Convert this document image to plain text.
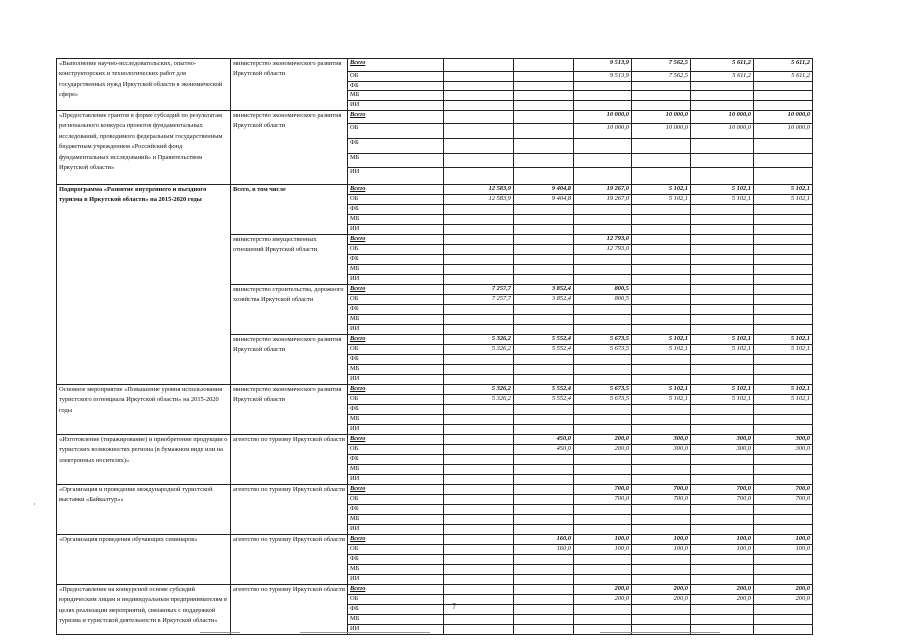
«Выполнение научно-исследовательских, опытно-конструкторских и технологических работ для государственных нужд Иркутской области в экономической сфере»	министерство экономического развития Иркутской области	Всего			9 513,9	7 562,5	5 611,2	5 611,2
		ОБ			9 513,9	7 562,5	5 611,2	5 611,2
		ФБ						
		МБ						
		ИИ						
«Предоставление грантов в форме субсидий по результатам регионального конкурса проектов фундаментальных исследований, проводимого федеральным государственным бюджетным учреждением «Российский фонд фундаментальных исследований» и Правительством Иркутской области»	министерство экономического развития Иркутской области	Всего			10 000,0	10 000,0	10 000,0	10 000,0
		ОБ			10 000,0	10 000,0	10 000,0	10 000,0
		ФБ						
		МБ						
		ИИ						
Подпрограмма «Развитие внутреннего и въездного туризма в Иркутской области» на 2015-2020 годы	Всего, в том числе	Всего	12 583,9	9 404,8	19 267,0	5 102,1	5 102,1	5 102,1
		ОБ	12 583,9	9 404,8	19 267,0	5 102,1	5 102,1	5 102,1
		ФБ						
		МБ						
		ИИ						
	министерство имущественных отношений Иркутской области	Всего			12 793,0			
		ОБ			12 793,0			
		ФБ						
		МБ						
		ИИ						
	министерство строительства, дорожного хозяйства Иркутской области	Всего	7 257,7	3 852,4	800,5			
		ОБ	7 257,7	3 852,4	800,5			
		ФБ						
		МБ						
		ИИ						
	министерство экономического развития Иркутской области	Всего	5 326,2	5 552,4	5 673,5	5 102,1	5 102,1	5 102,1
		ОБ	5 326,2	5 552,4	5 673,5	5 102,1	5 102,1	5 102,1
		ФБ						
		МБ						
		ИИ						
Основное мероприятие «Повышение уровня использования туристского потенциала Иркутской области» на 2015-2020 годы	министерство экономического развития Иркутской области	Всего	5 326,2	5 552,4	5 673,5	5 102,1	5 102,1	5 102,1
		ОБ	5 326,2	5 552,4	5 673,5	5 102,1	5 102,1	5 102,1
		ФБ						
		МБ						
		ИИ						
«Изготовление (тиражирование) и приобретение продукции о туристских возможностях региона (в бумажном виде или на электронных носителях)»	агентство по туризму Иркутской области	Всего		450,0	200,0	300,0	300,0	300,0
		ОБ		450,0	200,0	300,0	300,0	300,0
		ФБ						
		МБ						
		ИИ						
«Организация и проведение международной туристской выставки «Байкалтур»»	агентство по туризму Иркутской области	Всего			700,0	700,0	700,0	700,0
		ОБ			700,0	700,0	700,0	700,0
		ФБ						
		МБ						
		ИИ						
«Организация проведения обучающих семинаров»	агентство по туризму Иркутской области	Всего		160,0	100,0	100,0	100,0	100,0
		ОБ		160,0	100,0	100,0	100,0	100,0
		ФБ						
		МБ						
		ИИ						
«Предоставление на конкурсной основе субсидий юридическим лицам и индивидуальным предпринимателям в целях реализации мероприятий, связанных с поддержкой туризма и туристской деятельности в Иркутской области»	агентство по туризму Иркутской области	Всего			200,0	200,0	200,0	200,0
		ОБ			200,0	200,0	200,0	200,0
		ФБ						
		МБ						
		ИИ						
·
7
